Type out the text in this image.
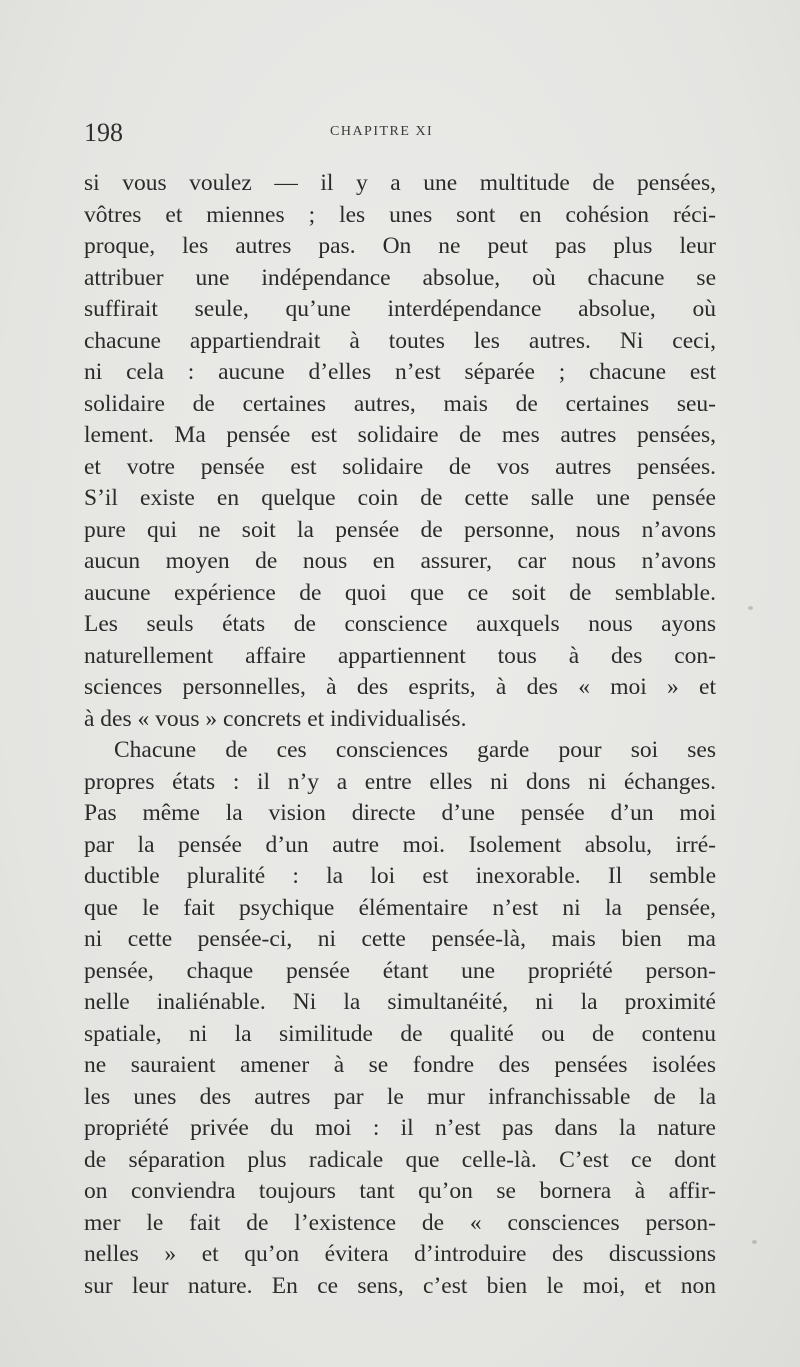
198	CHAPITRE XI
si vous voulez — il y a une multitude de pensées,
vôtres et miennes ; les unes sont en cohésion réci-
proque, les autres pas. On ne peut pas plus leur
attribuer une indépendance absolue, où chacune se
suffirait seule, qu’une interdépendance absolue, où
chacune appartiendrait à toutes les autres. Ni ceci,
ni cela : aucune d’elles n’est séparée ; chacune est
solidaire de certaines autres, mais de certaines seu-
lement. Ma pensée est solidaire de mes autres pensées,
et votre pensée est solidaire de vos autres pensées.
S’il existe en quelque coin de cette salle une pensée
pure qui ne soit la pensée de personne, nous n’avons
aucun moyen de nous en assurer, car nous n’avons
aucune expérience de quoi que ce soit de semblable.
Les seuls états de conscience auxquels nous ayons
naturellement affaire appartiennent tous à des con-
sciences personnelles, à des esprits, à des « moi » et
à des « vous » concrets et individualisés.
Chacune de ces consciences garde pour soi ses
propres états : il n’y a entre elles ni dons ni échanges.
Pas même la vision directe d’une pensée d’un moi
par la pensée d’un autre moi. Isolement absolu, irré-
ductible pluralité : la loi est inexorable. Il semble
que le fait psychique élémentaire n’est ni la pensée,
ni cette pensée-ci, ni cette pensée-là, mais bien ma
pensée, chaque pensée étant une propriété person-
nelle inaliénable. Ni la simultanéité, ni la proximité
spatiale, ni la similitude de qualité ou de contenu
ne sauraient amener à se fondre des pensées isolées
les unes des autres par le mur infranchissable de la
propriété privée du moi : il n’est pas dans la nature
de séparation plus radicale que celle-là. C’est ce dont
on conviendra toujours tant qu’on se bornera à affir-
mer le fait de l’existence de « consciences person-
nelles » et qu’on évitera d’introduire des discussions
sur leur nature. En ce sens, c’est bien le moi, et non
